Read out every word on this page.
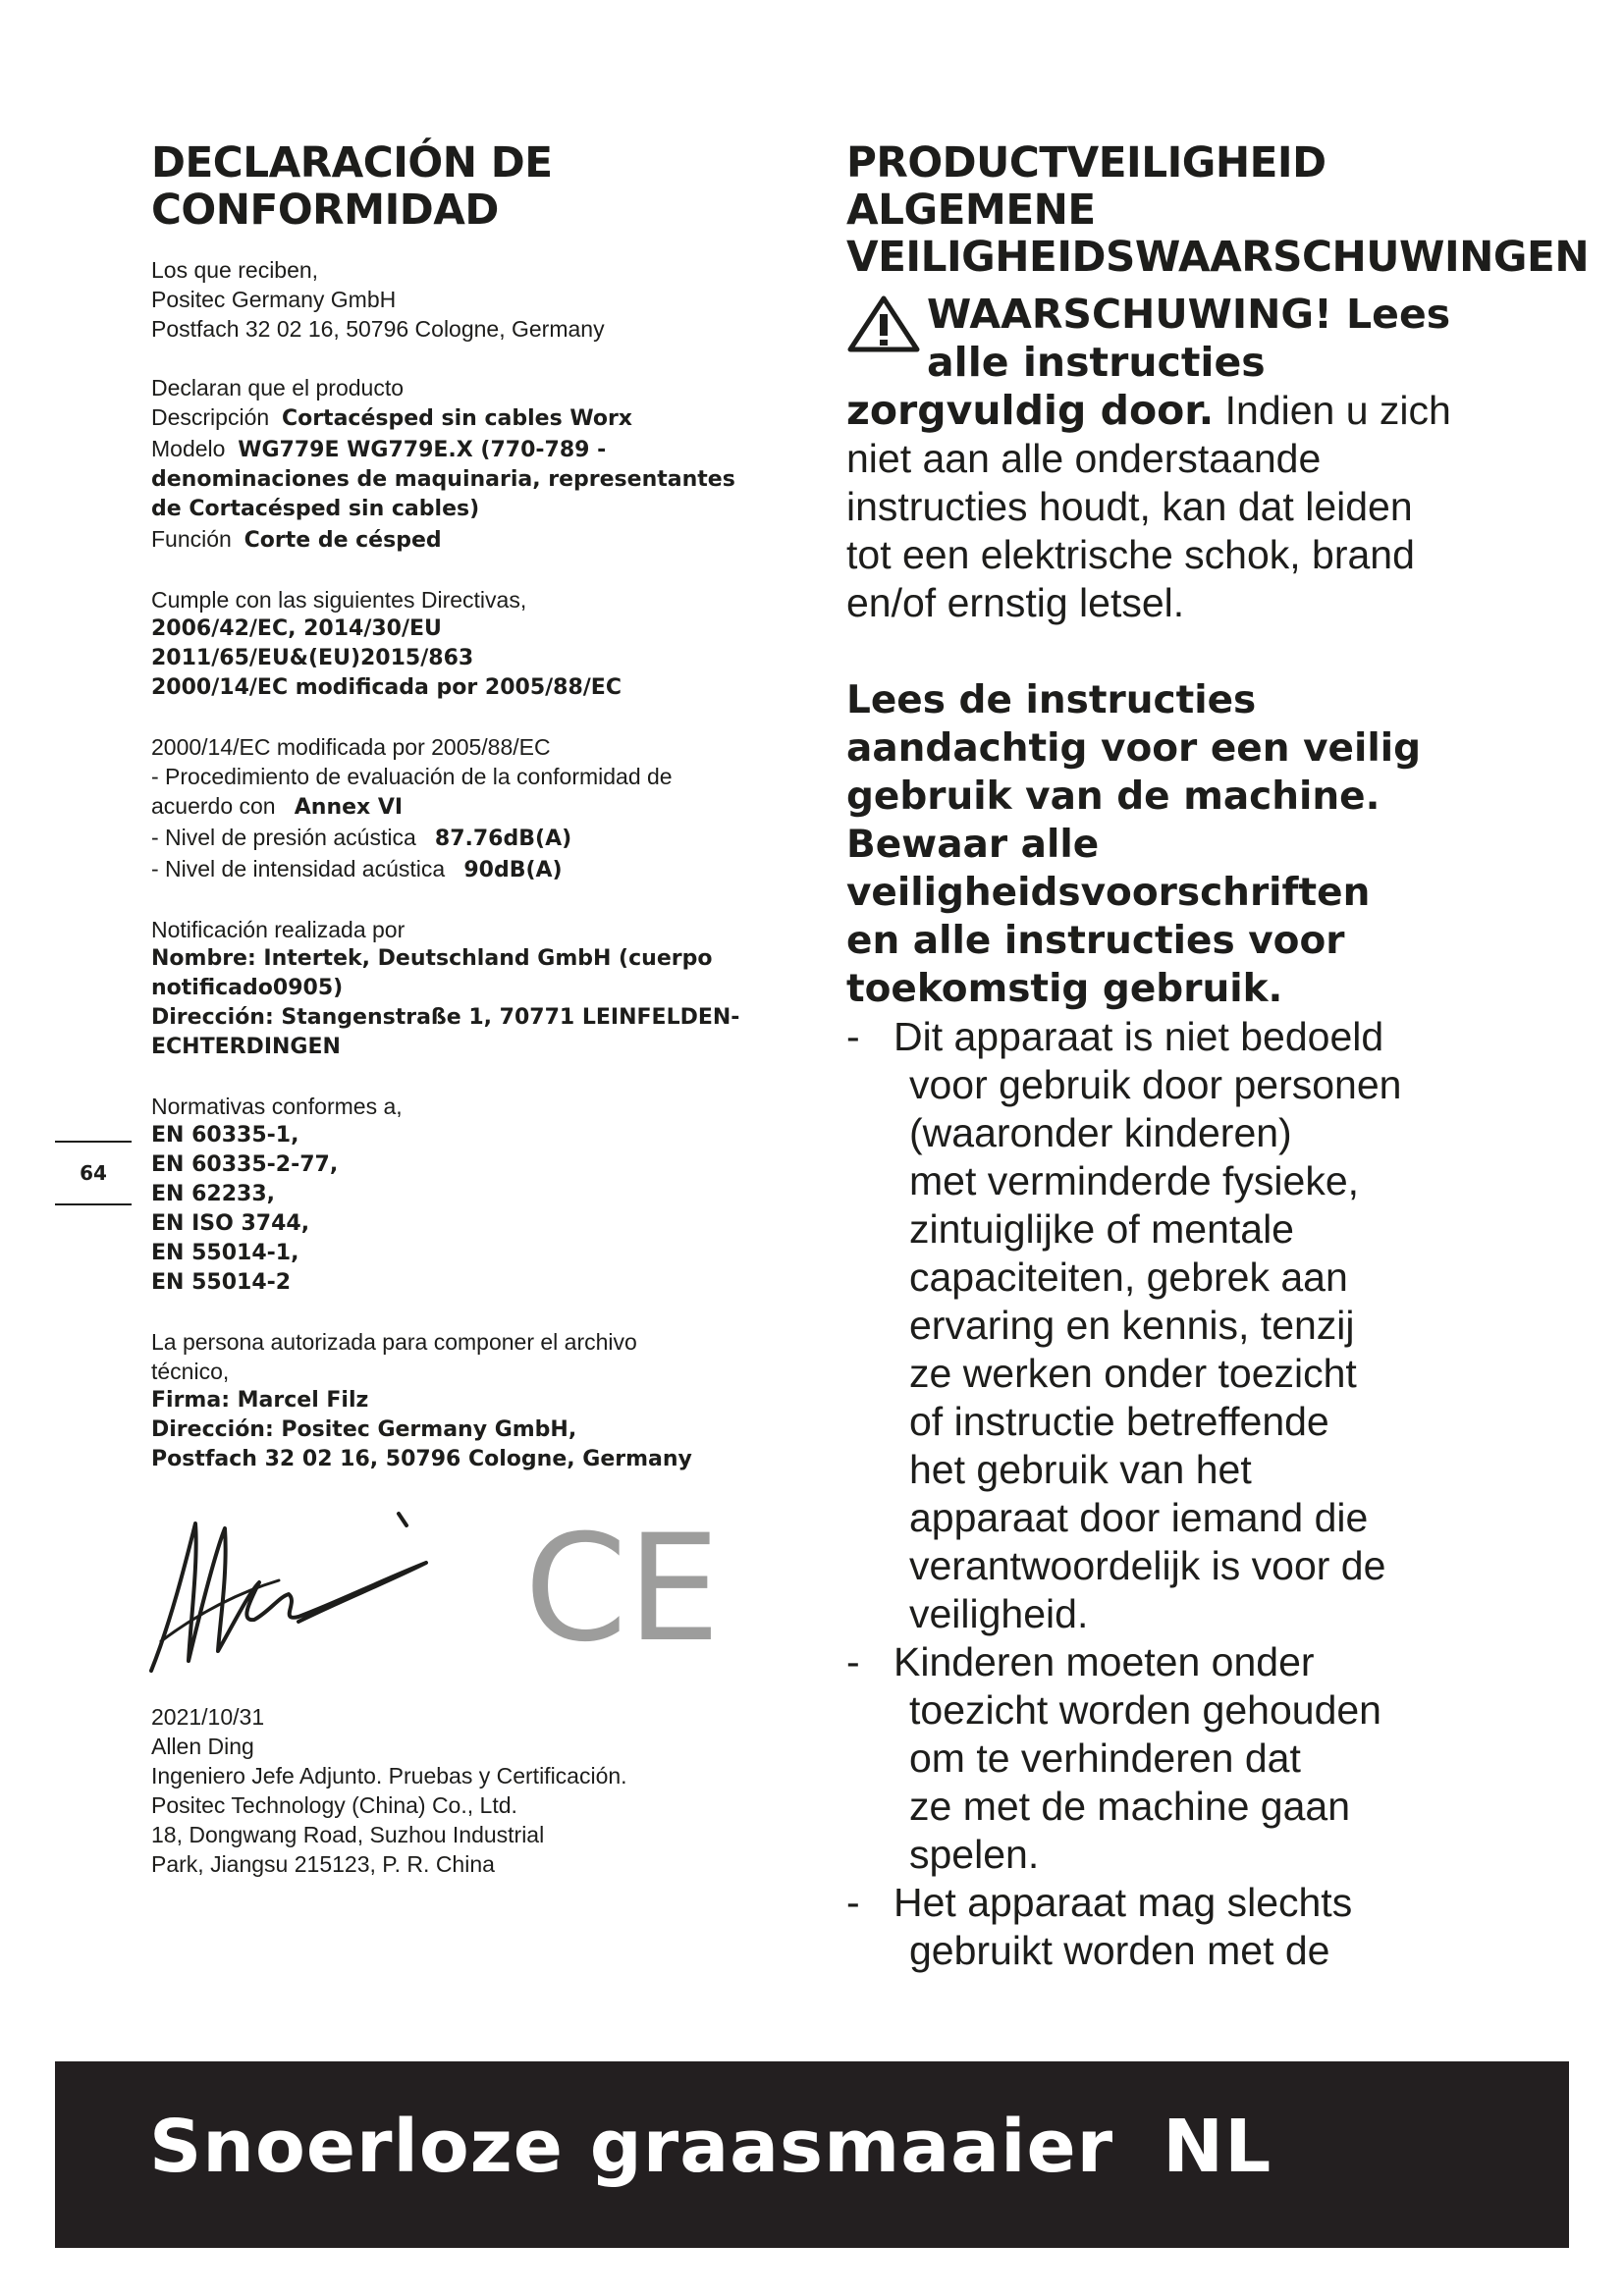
DECLARACIÓN DE
CONFORMIDAD
Los que reciben,
Positec Germany GmbH
Postfach 32 02 16, 50796 Cologne, Germany
Declaran que el producto
Descripción Cortacésped sin cables Worx
Modelo WG779E WG779E.X (770-789 -
denominaciones de maquinaria, representantes
de Cortacésped sin cables)
Función Corte de césped
Cumple con las siguientes Directivas,
2006/42/EC, 2014/30/EU
2011/65/EU&(EU)2015/863
2000/14/EC modificada por 2005/88/EC
2000/14/EC modificada por 2005/88/EC
- Procedimiento de evaluación de la conformidad de
acuerdo con Annex VI
- Nivel de presión acústica 87.76dB(A)
- Nivel de intensidad acústica 90dB(A)
Notificación realizada por
Nombre: Intertek, Deutschland GmbH (cuerpo
notificado0905)
Dirección: Stangenstraße 1, 70771 LEINFELDEN-
ECHTERDINGEN
Normativas conformes a,
EN 60335-1,
EN 60335-2-77,
EN 62233,
EN ISO 3744,
EN 55014-1,
EN 55014-2
La persona autorizada para componer el archivo
técnico,
Firma: Marcel Filz
Dirección: Positec Germany GmbH,
Postfach 32 02 16, 50796 Cologne, Germany
CE
2021/10/31
Allen Ding
Ingeniero Jefe Adjunto. Pruebas y Certificación.
Positec Technology (China) Co., Ltd.
18, Dongwang Road, Suzhou Industrial
Park, Jiangsu 215123, P. R. China
64
PRODUCTVEILIGHEID
ALGEMENE
VEILIGHEIDSWAARSCHUWINGEN
WAARSCHUWING! Lees
alle instructies
zorgvuldig door. Indien u zich
niet aan alle onderstaande
instructies houdt, kan dat leiden
tot een elektrische schok, brand
en/of ernstig letsel.
Lees de instructies
aandachtig voor een veilig
gebruik van de machine.
Bewaar alle
veiligheidsvoorschriften
en alle instructies voor
toekomstig gebruik.
- Dit apparaat is niet bedoeld
voor gebruik door personen
(waaronder kinderen)
met verminderde fysieke,
zintuiglijke of mentale
capaciteiten, gebrek aan
ervaring en kennis, tenzij
ze werken onder toezicht
of instructie betreffende
het gebruik van het
apparaat door iemand die
verantwoordelijk is voor de
veiligheid.
- Kinderen moeten onder
toezicht worden gehouden
om te verhinderen dat
ze met de machine gaan
spelen.
- Het apparaat mag slechts
gebruikt worden met de
Snoerloze graasmaaier NL
